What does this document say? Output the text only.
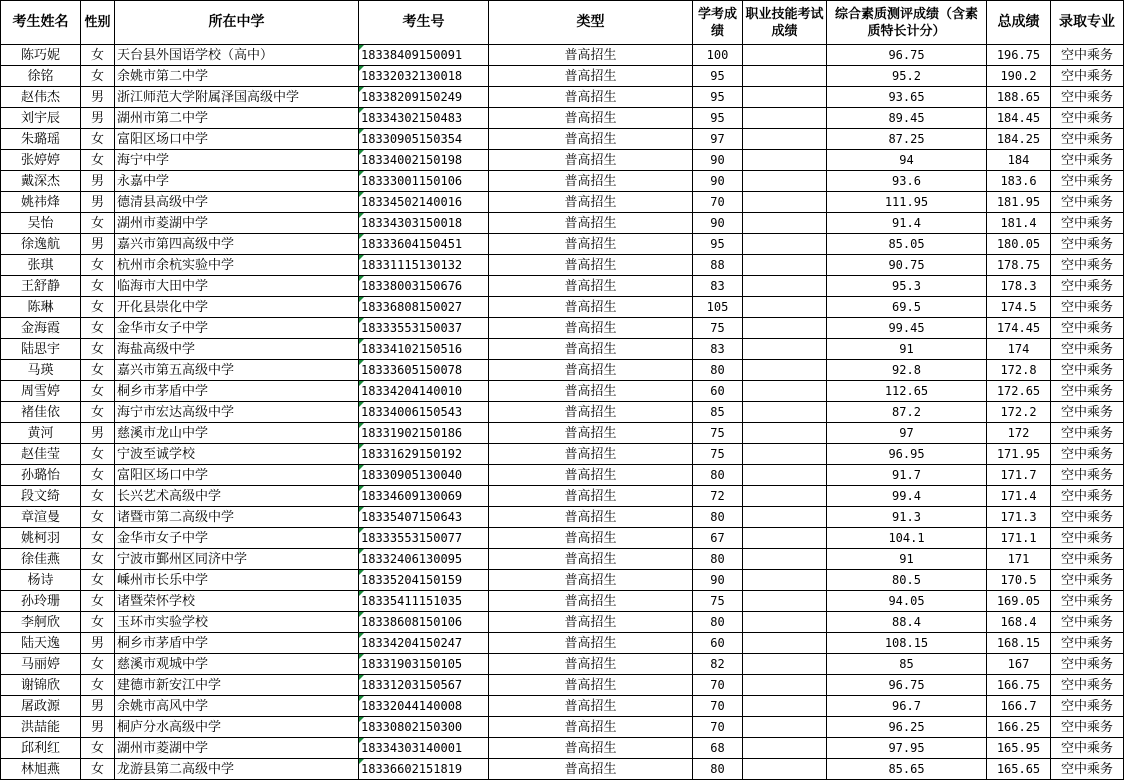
考生姓名	性别	所在中学	考生号	类型	学考成绩	职业技能考试成绩	综合素质测评成绩（含素质特长计分）	总成绩	录取专业
陈巧妮	女	天台县外国语学校（高中）	18338409150091	普高招生	100		96.75	196.75	空中乘务
徐铭	女	余姚市第二中学	18332032130018	普高招生	95		95.2	190.2	空中乘务
赵伟杰	男	浙江师范大学附属泽国高级中学	18338209150249	普高招生	95		93.65	188.65	空中乘务
刘宇辰	男	湖州市第二中学	18334302150483	普高招生	95		89.45	184.45	空中乘务
朱璐瑶	女	富阳区场口中学	18330905150354	普高招生	97		87.25	184.25	空中乘务
张婷婷	女	海宁中学	18334002150198	普高招生	90		94	184	空中乘务
戴深杰	男	永嘉中学	18333001150106	普高招生	90		93.6	183.6	空中乘务
姚祎烽	男	德清县高级中学	18334502140016	普高招生	70		111.95	181.95	空中乘务
吴怡	女	湖州市菱湖中学	18334303150018	普高招生	90		91.4	181.4	空中乘务
徐逸航	男	嘉兴市第四高级中学	18333604150451	普高招生	95		85.05	180.05	空中乘务
张琪	女	杭州市余杭实验中学	18331115130132	普高招生	88		90.75	178.75	空中乘务
王舒静	女	临海市大田中学	18338003150676	普高招生	83		95.3	178.3	空中乘务
陈琳	女	开化县崇化中学	18336808150027	普高招生	105		69.5	174.5	空中乘务
金海霞	女	金华市女子中学	18333553150037	普高招生	75		99.45	174.45	空中乘务
陆思宇	女	海盐高级中学	18334102150516	普高招生	83		91	174	空中乘务
马瑛	女	嘉兴市第五高级中学	18333605150078	普高招生	80		92.8	172.8	空中乘务
周雪婷	女	桐乡市茅盾中学	18334204140010	普高招生	60		112.65	172.65	空中乘务
褚佳依	女	海宁市宏达高级中学	18334006150543	普高招生	85		87.2	172.2	空中乘务
黄河	男	慈溪市龙山中学	18331902150186	普高招生	75		97	172	空中乘务
赵佳莹	女	宁波至诚学校	18331629150192	普高招生	75		96.95	171.95	空中乘务
孙璐怡	女	富阳区场口中学	18330905130040	普高招生	80		91.7	171.7	空中乘务
段文绮	女	长兴艺术高级中学	18334609130069	普高招生	72		99.4	171.4	空中乘务
章渲曼	女	诸暨市第二高级中学	18335407150643	普高招生	80		91.3	171.3	空中乘务
姚柯羽	女	金华市女子中学	18333553150077	普高招生	67		104.1	171.1	空中乘务
徐佳燕	女	宁波市鄞州区同济中学	18332406130095	普高招生	80		91	171	空中乘务
杨诗	女	嵊州市长乐中学	18335204150159	普高招生	90		80.5	170.5	空中乘务
孙玲珊	女	诸暨荣怀学校	18335411151035	普高招生	75		94.05	169.05	空中乘务
李舸欣	女	玉环市实验学校	18338608150106	普高招生	80		88.4	168.4	空中乘务
陆天逸	男	桐乡市茅盾中学	18334204150247	普高招生	60		108.15	168.15	空中乘务
马丽婷	女	慈溪市观城中学	18331903150105	普高招生	82		85	167	空中乘务
谢锦欣	女	建德市新安江中学	18331203150567	普高招生	70		96.75	166.75	空中乘务
屠政源	男	余姚市高风中学	18332044140008	普高招生	70		96.7	166.7	空中乘务
洪喆能	男	桐庐分水高级中学	18330802150300	普高招生	70		96.25	166.25	空中乘务
邱利红	女	湖州市菱湖中学	18334303140001	普高招生	68		97.95	165.95	空中乘务
林旭燕	女	龙游县第二高级中学	18336602151819	普高招生	80		85.65	165.65	空中乘务
